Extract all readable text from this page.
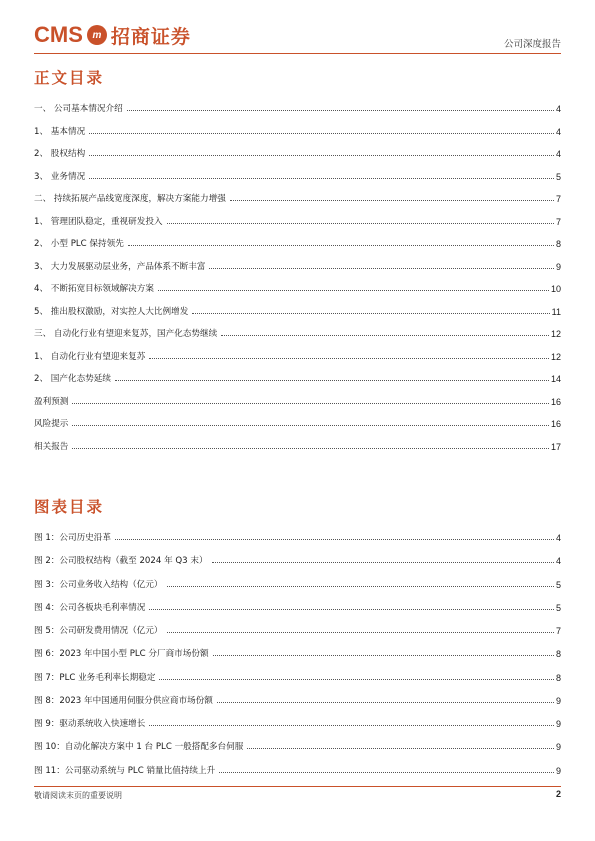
CMS m 招商证券	公司深度报告
正文目录
一、 公司基本情况介绍	4
1、 基本情况	4
2、 股权结构	4
3、 业务情况	5
二、 持续拓展产品线宽度深度，解决方案能力增强	7
1、 管理团队稳定，重视研发投入	7
2、 小型 PLC 保持领先	8
3、 大力发展驱动层业务，产品体系不断丰富	9
4、 不断拓宽目标领域解决方案	10
5、 推出股权激励，对实控人大比例增发	11
三、 自动化行业有望迎来复苏，国产化态势继续	12
1、 自动化行业有望迎来复苏	12
2、 国产化态势延续	14
盈利预测	16
风险提示	16
相关报告	17
图表目录
图 1：公司历史沿革	4
图 2：公司股权结构（截至 2024 年 Q3 末）	4
图 3：公司业务收入结构（亿元）	5
图 4：公司各板块毛利率情况	5
图 5：公司研发费用情况（亿元）	7
图 6：2023 年中国小型 PLC 分厂商市场份额	8
图 7：PLC 业务毛利率长期稳定	8
图 8：2023 年中国通用伺服分供应商市场份额	9
图 9：驱动系统收入快速增长	9
图 10：自动化解决方案中 1 台 PLC 一般搭配多台伺服	9
图 11：公司驱动系统与 PLC 销量比值持续上升	9
敬请阅读末页的重要说明	2
